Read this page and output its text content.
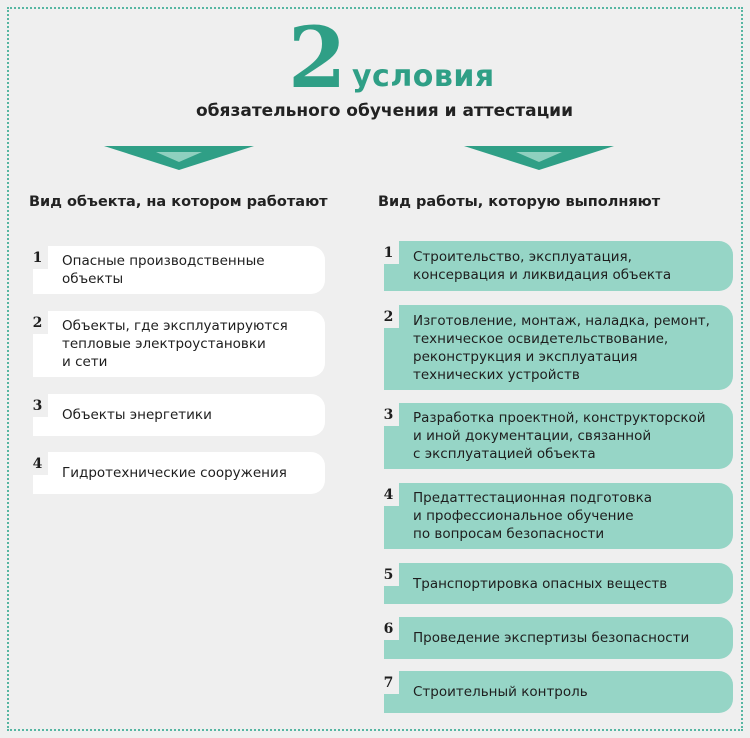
2 условия
обязательного обучения и аттестации
Вид объекта, на котором работают	Вид работы, которую выполняют
1	Опасные производственные
объекты
2	Объекты, где эксплуатируются
тепловые электроустановки
и сети
3
Объекты энергетики
4
Гидротехнические сооружения
1	Строительство, эксплуатация,
консервация и ликвидация объекта
2	Изготовление, монтаж, наладка, ремонт,
техническое освидетельствование,
реконструкция и эксплуатация
технических устройств
3	Разработка проектной, конструкторской
и иной документации, связанной
с эксплуатацией объекта
4	Предаттестационная подготовка
и профессиональное обучение
по вопросам безопасности
5
Транспортировка опасных веществ
6
Проведение экспертизы безопасности
7
Строительный контроль
